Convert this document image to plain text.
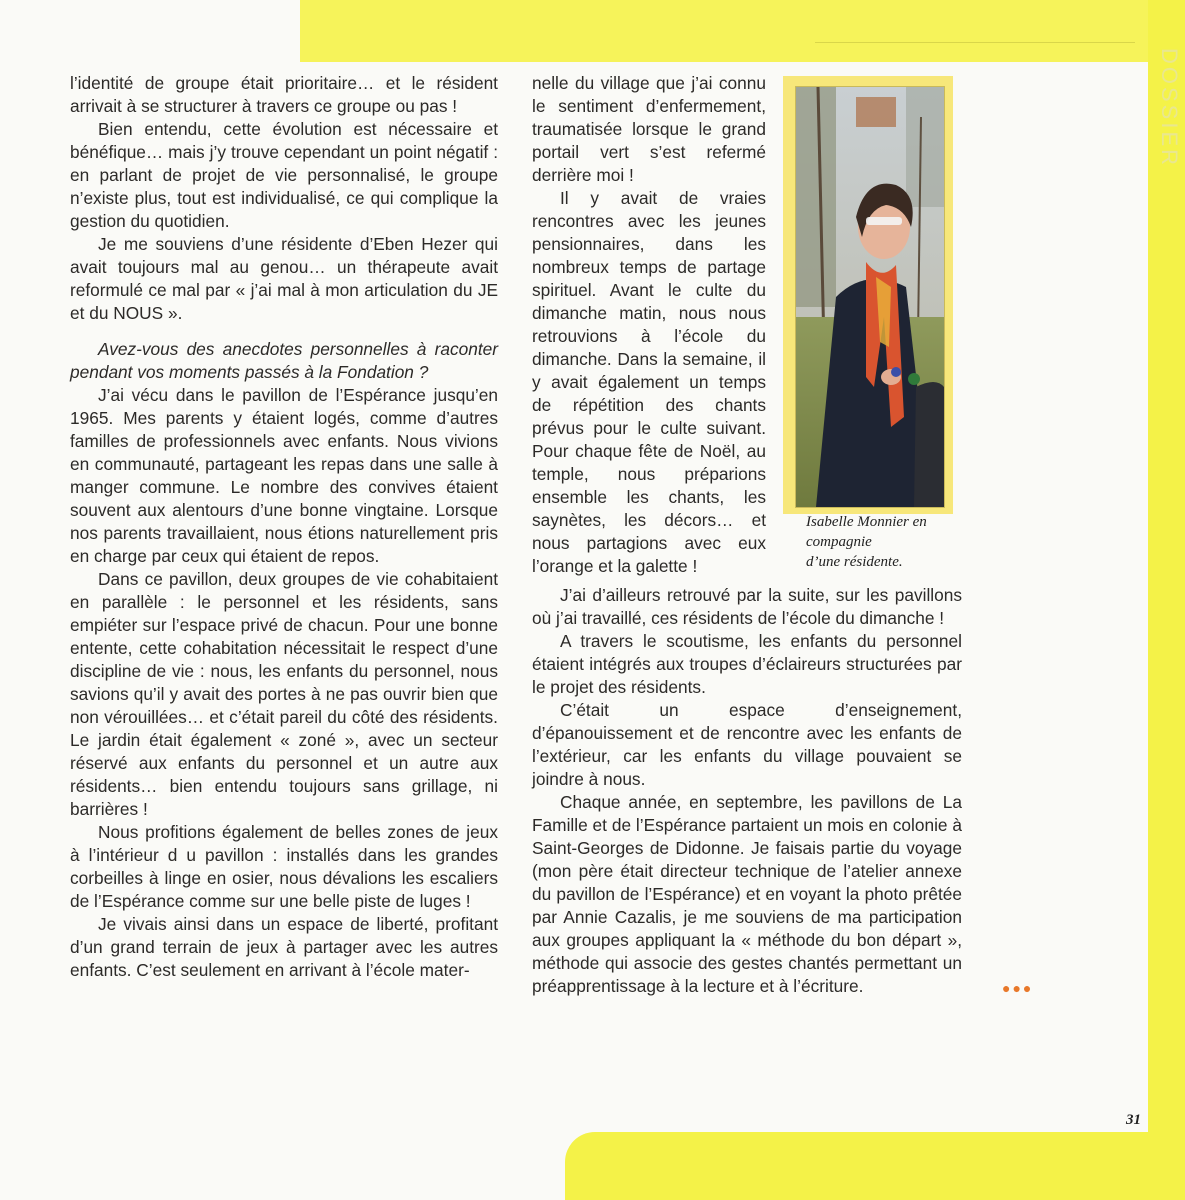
DOSSIER

l’identité de groupe était prioritaire… et le résident arrivait à se structurer à travers ce groupe ou pas !

Bien entendu, cette évolution est nécessaire et bénéfique… mais j’y trouve cependant un point négatif : en parlant de projet de vie personnalisé, le groupe n’existe plus, tout est individualisé, ce qui complique la gestion du quotidien.

Je me souviens d’une résidente d’Eben Hezer qui avait toujours mal au genou… un thérapeute avait reformulé ce mal par « j’ai mal à mon articulation du JE et du NOUS ».

Avez-vous des anecdotes personnelles à raconter pendant vos moments passés à la Fondation ?

J’ai vécu dans le pavillon de l’Espérance jusqu’en 1965. Mes parents y étaient logés, comme d’autres familles de professionnels avec enfants. Nous vivions en communauté, partageant les repas dans une salle à manger commune. Le nombre des convives étaient souvent aux alentours d’une bonne vingtaine. Lorsque nos parents travaillaient, nous étions naturellement pris en charge par ceux qui étaient de repos.

Dans ce pavillon, deux groupes de vie cohabitaient en parallèle : le personnel et les résidents, sans empiéter sur l’espace privé de chacun. Pour une bonne entente, cette cohabitation nécessitait le respect d’une discipline de vie : nous, les enfants du personnel, nous savions qu’il y avait des portes à ne pas ouvrir bien que non vérouillées… et c’était pareil du côté des résidents. Le jardin était également « zoné », avec un secteur réservé aux enfants du personnel et un autre aux résidents… bien entendu toujours sans grillage, ni barrières !

Nous profitions également de belles zones de jeux à l’intérieur d u pavillon : installés dans les grandes corbeilles à linge en osier, nous dévalions les escaliers de l’Espérance comme sur une belle piste de luges !

Je vivais ainsi dans un espace de liberté, profitant d’un grand terrain de jeux à partager avec les autres enfants. C’est seulement en arrivant à l’école mater-

nelle du village que j’ai connu le sentiment d’enfermement, traumatisée lorsque le grand portail vert s’est refermé derrière moi !

Il y avait de vraies rencontres avec les jeunes pensionnaires, dans les nombreux temps de partage spirituel. Avant le culte du dimanche matin, nous nous retrouvions à l’école du dimanche. Dans la semaine, il y avait également un temps de répétition des chants prévus pour le culte suivant. Pour chaque fête de Noël, au temple, nous préparions ensemble les chants, les saynètes, les décors… et nous partagions avec eux l’orange et la galette !

J’ai d’ailleurs retrouvé par la suite, sur les pavillons où j’ai travaillé, ces résidents de l’école du dimanche !

A travers le scoutisme, les enfants du personnel étaient intégrés aux troupes d’éclaireurs structurées par le projet des résidents.

C’était un espace d’enseignement, d’épanouissement et de rencontre avec les enfants de l’extérieur, car les enfants du village pouvaient se joindre à nous.

Chaque année, en septembre, les pavillons de La Famille et de l’Espérance partaient un mois en colonie à Saint-Georges de Didonne. Je faisais partie du voyage (mon père était directeur technique de l’atelier annexe du pavillon de l’Espérance) et en voyant la photo prêtée par Annie Cazalis, je me souviens de ma participation aux groupes appliquant la « méthode du bon départ », méthode qui associe des gestes chantés permettant un préapprentissage à la lecture et à l’écriture.

Isabelle Monnier en compagnie
d’une résidente.
●●●
31
